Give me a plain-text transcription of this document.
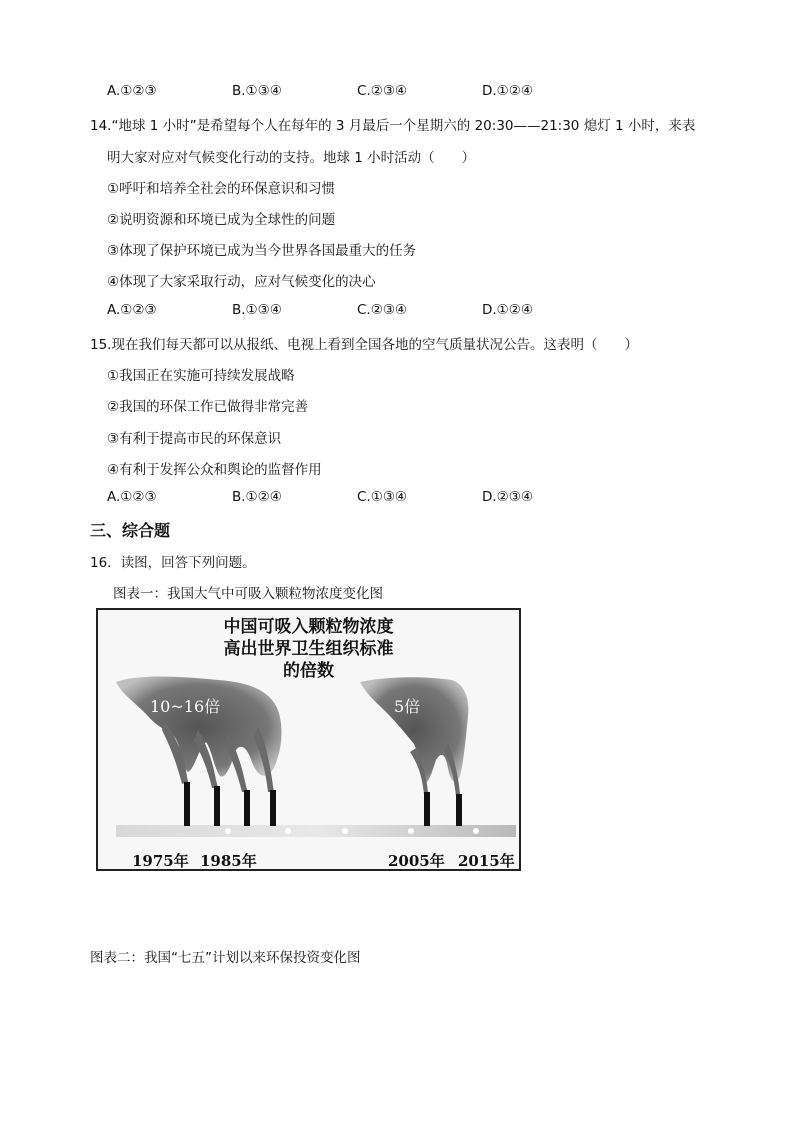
A.①②③	B.①③④	C.②③④	D.①②④
14.“地球 1 小时”是希望每个人在每年的 3 月最后一个星期六的 20:30——21:30 熄灯 1 小时，来表
明大家对应对气候变化行动的支持。地球 1 小时活动（　　）
①呼吁和培养全社会的环保意识和习惯
②说明资源和环境已成为全球性的问题
③体现了保护环境已成为当今世界各国最重大的任务
④体现了大家采取行动，应对气候变化的决心
A.①②③	B.①③④	C.②③④	D.①②④
15.现在我们每天都可以从报纸、电视上看到全国各地的空气质量状况公告。这表明（　　）
①我国正在实施可持续发展战略
②我国的环保工作已做得非常完善
③有利于提高市民的环保意识
④有利于发挥公众和舆论的监督作用
A.①②③	B.①②④	C.①③④	D.②③④
三、综合题
16．读图，回答下列问题。
图表一：我国大气中可吸入颗粒物浓度变化图
中国可吸入颗粒物浓度
高出世界卫生组织标准
的倍数
10~16倍	5倍
1975年 1985年	2005年 2015年
图表二：我国“七五”计划以来环保投资变化图
